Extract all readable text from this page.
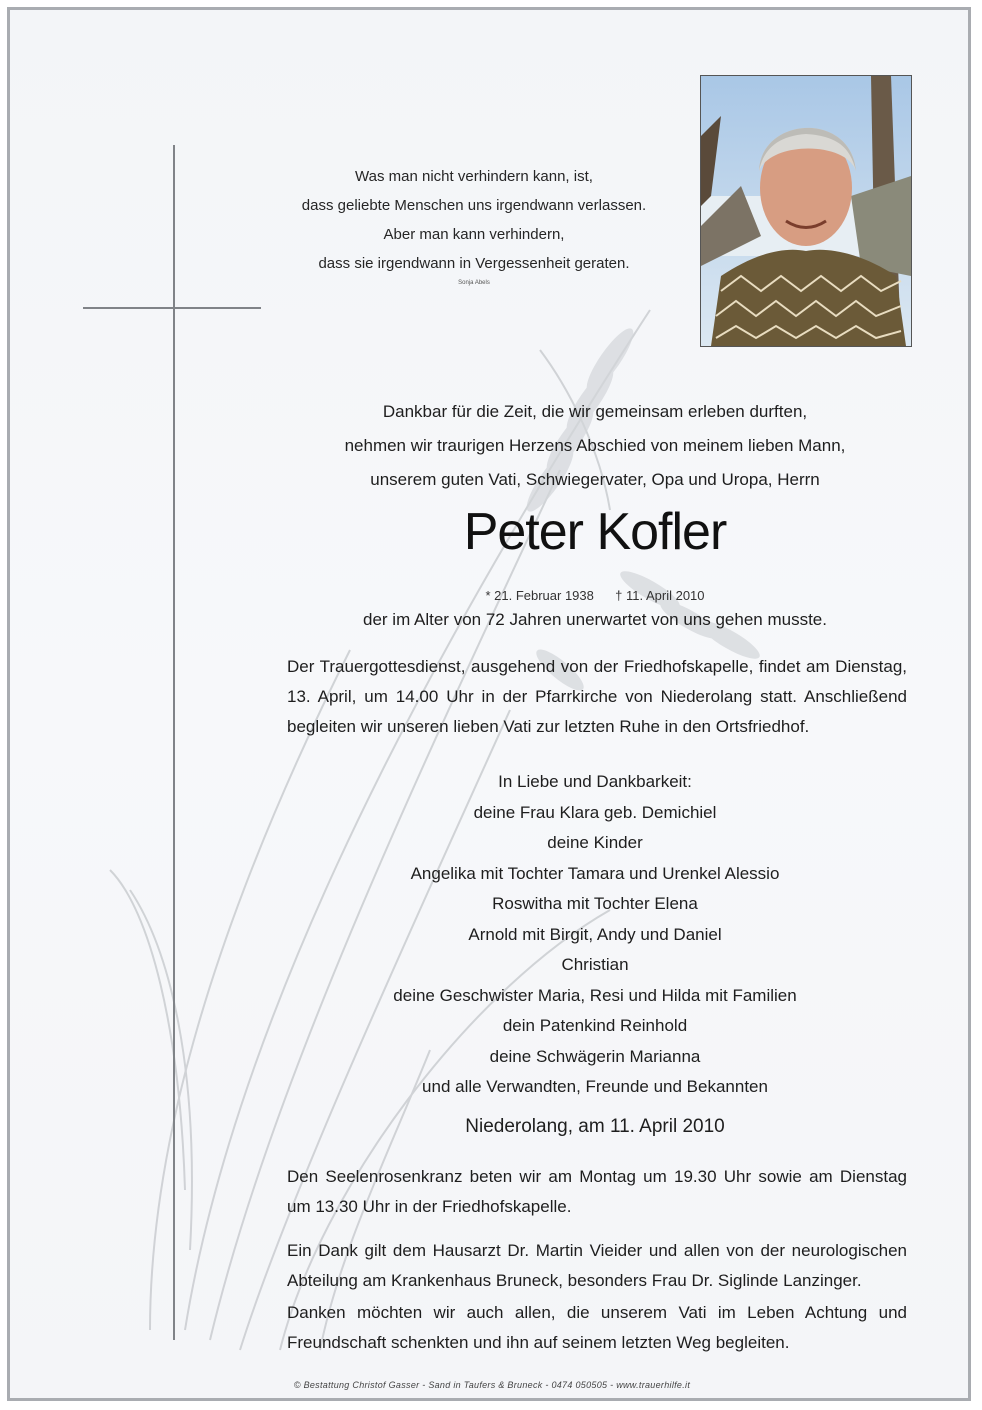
Was man nicht verhindern kann, ist,
dass geliebte Menschen uns irgendwann verlassen.
Aber man kann verhindern,
dass sie irgendwann in Vergessenheit geraten.
Sonja Abels
Dankbar für die Zeit, die wir gemeinsam erleben durften,
nehmen wir traurigen Herzens Abschied von meinem lieben Mann,
unserem guten Vati, Schwiegervater, Opa und Uropa, Herrn
Peter Kofler
* 21. Februar 1938 † 11. April 2010
der im Alter von 72 Jahren unerwartet von uns gehen musste.
Der Trauergottesdienst, ausgehend von der Friedhofskapelle, findet am Dienstag, 13. April, um 14.00 Uhr in der Pfarrkirche von Niederolang statt. Anschließend begleiten wir unseren lieben Vati zur letzten Ruhe in den Ortsfriedhof.
In Liebe und Dankbarkeit:
deine Frau Klara geb. Demichiel
deine Kinder
Angelika mit Tochter Tamara und Urenkel Alessio
Roswitha mit Tochter Elena
Arnold mit Birgit, Andy und Daniel
Christian
deine Geschwister Maria, Resi und Hilda mit Familien
dein Patenkind Reinhold
deine Schwägerin Marianna
und alle Verwandten, Freunde und Bekannten
Niederolang, am 11. April 2010
Den Seelenrosenkranz beten wir am Montag um 19.30 Uhr sowie am Dienstag um 13.30 Uhr in der Friedhofskapelle.
Ein Dank gilt dem Hausarzt Dr. Martin Vieider und allen von der neurologischen Abteilung am Krankenhaus Bruneck, besonders Frau Dr. Siglinde Lanzinger.
Danken möchten wir auch allen, die unserem Vati im Leben Achtung und Freundschaft schenkten und ihn auf seinem letzten Weg begleiten.
© Bestattung Christof Gasser - Sand in Taufers & Bruneck - 0474 050505 - www.trauerhilfe.it
